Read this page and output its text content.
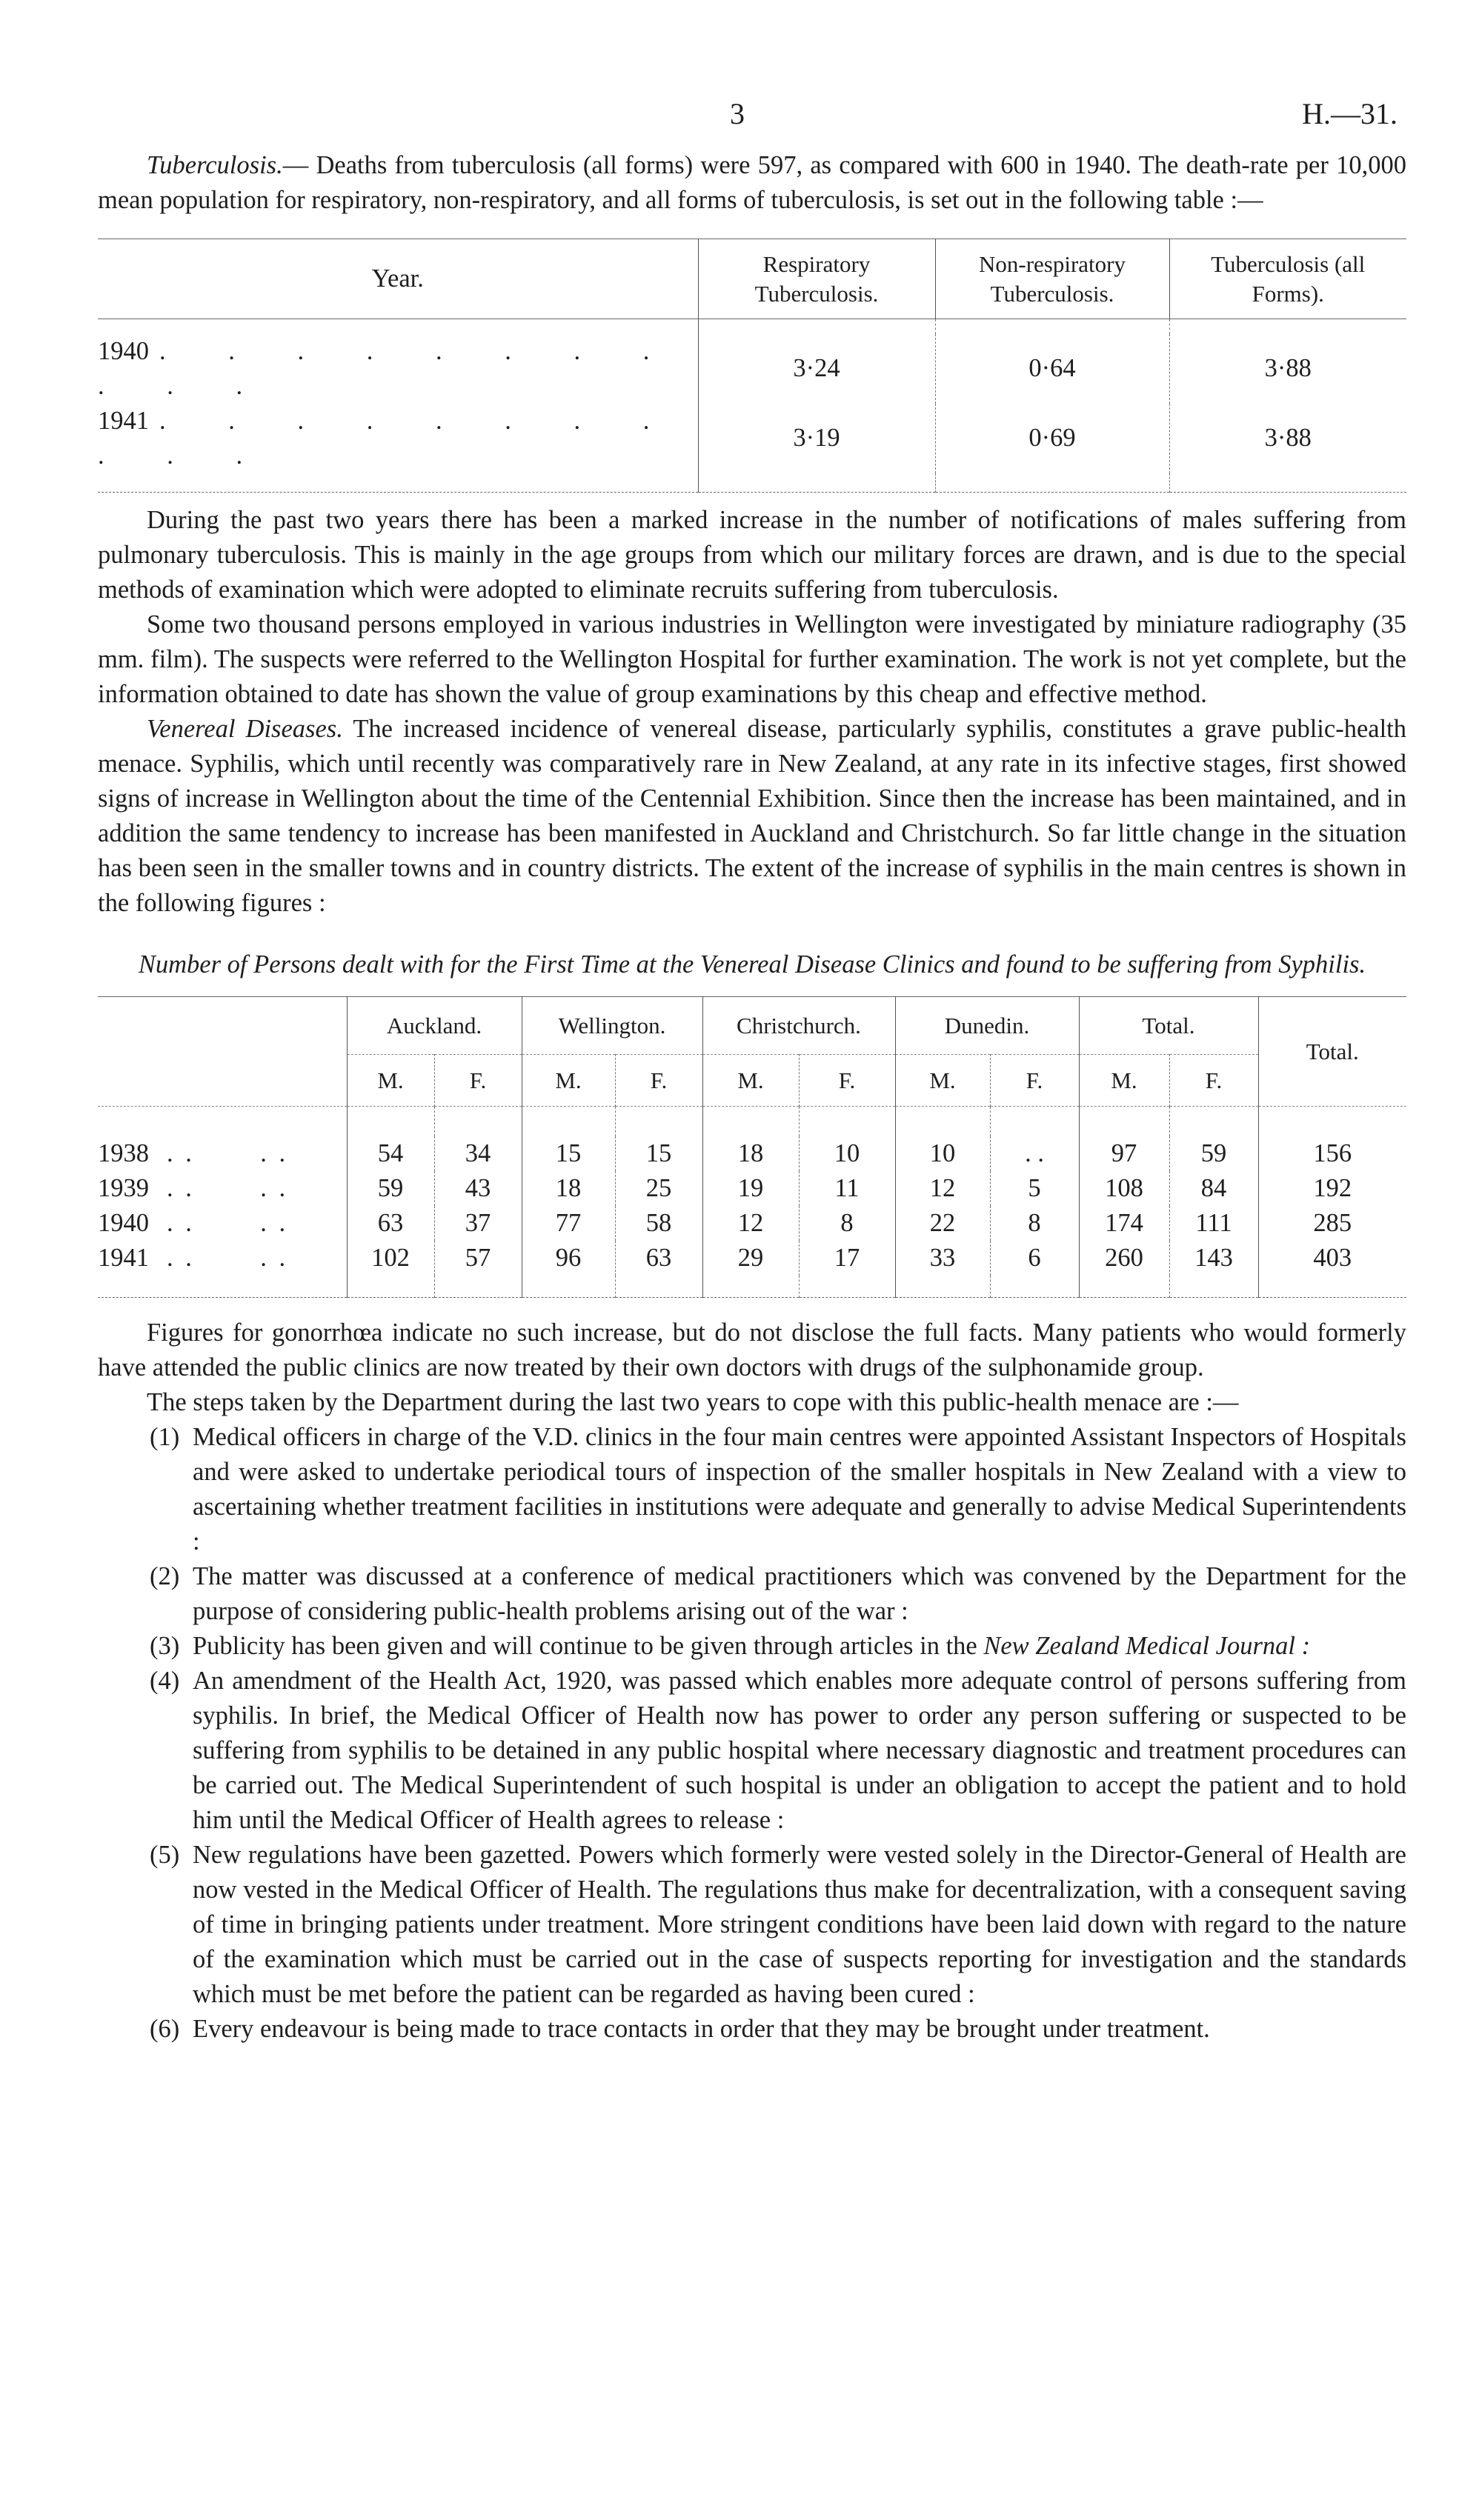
3	H.—31.

Tuberculosis.— Deaths from tuberculosis (all forms) were 597, as compared with 600 in 1940. The death-rate per 10,000 mean population for respiratory, non-respiratory, and all forms of tuberculosis, is set out in the following table :—

Year.	Respiratory Tuberculosis.	Non-respiratory Tuberculosis.	Tuberculosis (all Forms).

1940 . . . . . . . . . . .	3·24	0·64	3·88
1941 . . . . . . . . . . .	3·19	0·69	3·88

During the past two years there has been a marked increase in the number of notifications of males suffering from pulmonary tuberculosis. This is mainly in the age groups from which our military forces are drawn, and is due to the special methods of examination which were adopted to eliminate recruits suffering from tuberculosis.

Some two thousand persons employed in various industries in Wellington were investigated by miniature radiography (35 mm. film). The suspects were referred to the Wellington Hospital for further examination. The work is not yet complete, but the information obtained to date has shown the value of group examinations by this cheap and effective method.

Venereal Diseases. The increased incidence of venereal disease, particularly syphilis, constitutes a grave public-health menace. Syphilis, which until recently was comparatively rare in New Zealand, at any rate in its infective stages, first showed signs of increase in Wellington about the time of the Centennial Exhibition. Since then the increase has been maintained, and in addition the same tendency to increase has been manifested in Auckland and Christchurch. So far little change in the situation has been seen in the smaller towns and in country districts. The extent of the increase of syphilis in the main centres is shown in the following figures :

Number of Persons dealt with for the First Time at the Venereal Disease Clinics and found to be suffering from Syphilis.

	Auckland.		Wellington.		Christchurch.		Dunedin.		Total.		Total.
	M.	F.	M.	F.	M.	F.	M.	F.	M.	F.	

1938 . .       . .	54	34	15	15	18	10	10	. .	97	59	156
1939 . .       . .	59	43	18	25	19	11	12	5	108	84	192
1940 . .       . .	63	37	77	58	12	8	22	8	174	111	285
1941 . .       . .	102	57	96	63	29	17	33	6	260	143	403

Figures for gonorrhœa indicate no such increase, but do not disclose the full facts. Many patients who would formerly have attended the public clinics are now treated by their own doctors with drugs of the sulphonamide group.

The steps taken by the Department during the last two years to cope with this public-health menace are :—

(1) Medical officers in charge of the V.D. clinics in the four main centres were appointed Assistant Inspectors of Hospitals and were asked to undertake periodical tours of inspection of the smaller hospitals in New Zealand with a view to ascertaining whether treatment facilities in institutions were adequate and generally to advise Medical Superintendents :
(2) The matter was discussed at a conference of medical practitioners which was convened by the Department for the purpose of considering public-health problems arising out of the war :
(3) Publicity has been given and will continue to be given through articles in the New Zealand Medical Journal :
(4) An amendment of the Health Act, 1920, was passed which enables more adequate control of persons suffering from syphilis. In brief, the Medical Officer of Health now has power to order any person suffering or suspected to be suffering from syphilis to be detained in any public hospital where necessary diagnostic and treatment procedures can be carried out. The Medical Superintendent of such hospital is under an obligation to accept the patient and to hold him until the Medical Officer of Health agrees to release :
(5) New regulations have been gazetted. Powers which formerly were vested solely in the Director-General of Health are now vested in the Medical Officer of Health. The regulations thus make for decentralization, with a consequent saving of time in bringing patients under treatment. More stringent conditions have been laid down with regard to the nature of the examination which must be carried out in the case of suspects reporting for investigation and the standards which must be met before the patient can be regarded as having been cured :
(6) Every endeavour is being made to trace contacts in order that they may be brought under treatment.
